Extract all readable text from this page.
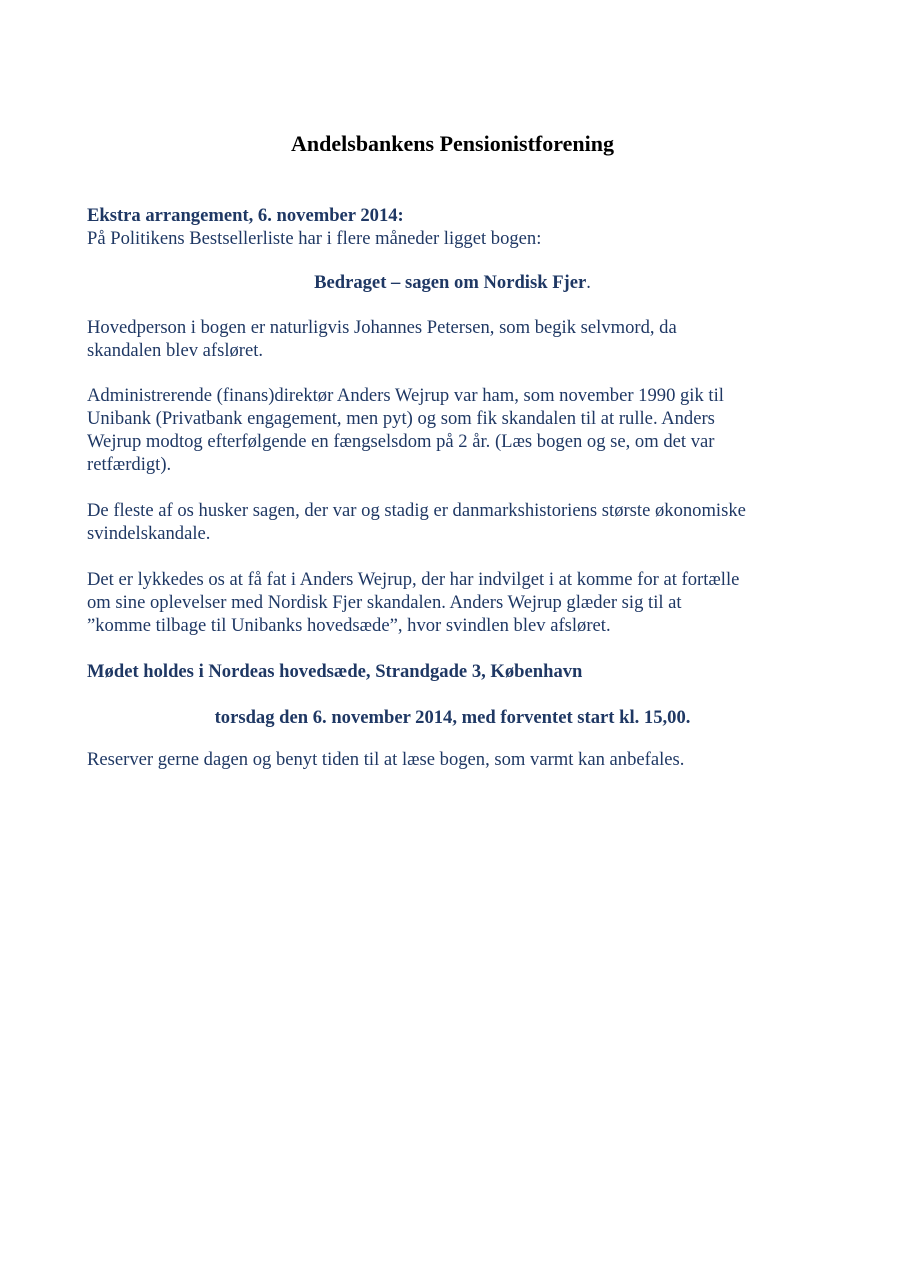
Andelsbankens Pensionistforening
Ekstra arrangement, 6. november 2014:
På Politikens Bestsellerliste har i flere måneder ligget bogen:
Bedraget – sagen om Nordisk Fjer.
Hovedperson i bogen er naturligvis Johannes Petersen, som begik selvmord, da
skandalen blev afsløret.
Administrerende (finans)direktør Anders Wejrup var ham, som november 1990 gik til
Unibank (Privatbank engagement, men pyt) og som fik skandalen til at rulle. Anders
Wejrup modtog efterfølgende en fængselsdom på 2 år. (Læs bogen og se, om det var
retfærdigt).
De fleste af os husker sagen, der var og stadig er danmarkshistoriens største økonomiske
svindelskandale.
Det er lykkedes os at få fat i Anders Wejrup, der har indvilget i at komme for at fortælle
om sine oplevelser med Nordisk Fjer skandalen. Anders Wejrup glæder sig til at
”komme tilbage til Unibanks hovedsæde”, hvor svindlen blev afsløret.
Mødet holdes i Nordeas hovedsæde, Strandgade 3, København
torsdag den 6. november 2014, med forventet start kl. 15,00.
Reserver gerne dagen og benyt tiden til at læse bogen, som varmt kan anbefales.
